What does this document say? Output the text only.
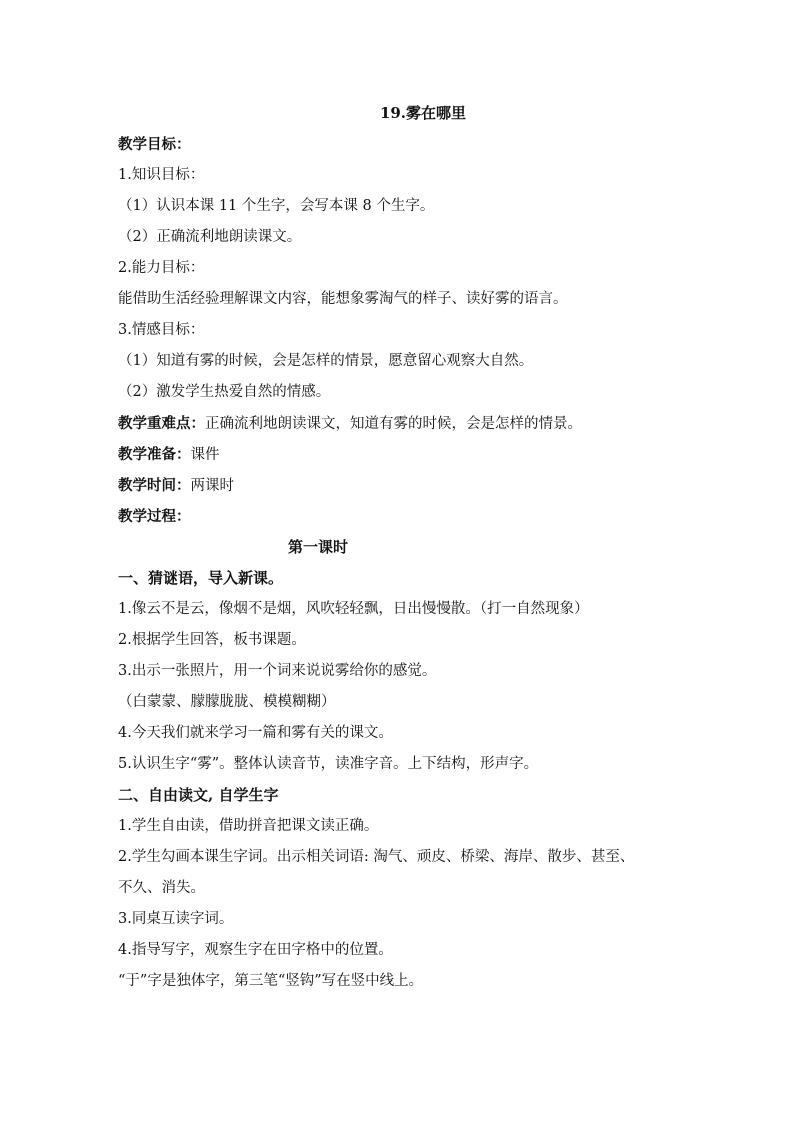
19.雾在哪里
教学目标：
1.知识目标：
（1）认识本课 11 个生字，会写本课 8 个生字。
（2）正确流利地朗读课文。
2.能力目标：
能借助生活经验理解课文内容，能想象雾淘气的样子、读好雾的语言。
3.情感目标：
（1）知道有雾的时候，会是怎样的情景，愿意留心观察大自然。
（2）激发学生热爱自然的情感。
教学重难点：正确流利地朗读课文，知道有雾的时候，会是怎样的情景。
教学准备：课件
教学时间：两课时
教学过程：
第一课时
一、猜谜语，导入新课。
1.像云不是云，像烟不是烟，风吹轻轻飘，日出慢慢散。（打一自然现象）
2.根据学生回答，板书课题。
3.出示一张照片，用一个词来说说雾给你的感觉。
（白蒙蒙、朦朦胧胧、模模糊糊）
4.今天我们就来学习一篇和雾有关的课文。
5.认识生字“雾”。整体认读音节，读准字音。上下结构，形声字。
二、自由读文, 自学生字
1.学生自由读，借助拼音把课文读正确。
2.学生勾画本课生字词。出示相关词语: 淘气、顽皮、桥梁、海岸、散步、甚至、
不久、消失。
3.同桌互读字词。
4.指导写字，观察生字在田字格中的位置。
“于”字是独体字，第三笔“竖钩”写在竖中线上。
